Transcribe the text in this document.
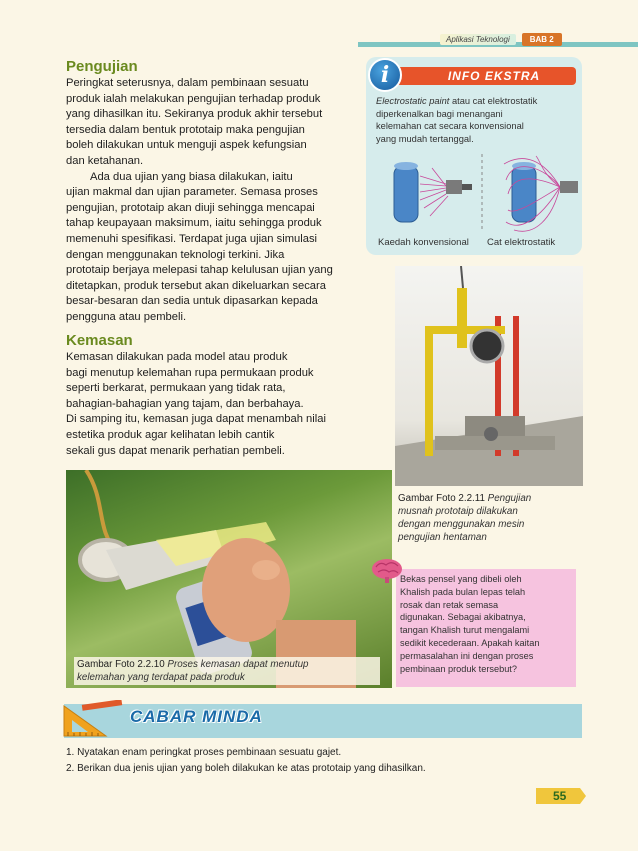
Aplikasi Teknologi	BAB 2
Pengujian

Peringkat seterusnya, dalam pembinaan sesuatu

produk ialah melakukan pengujian terhadap produk

yang dihasilkan itu. Sekiranya produk akhir tersebut

tersedia dalam bentuk prototaip maka pengujian

boleh dilakukan untuk menguji aspek kefungsian

dan ketahanan.

Ada dua ujian yang biasa dilakukan, iaitu

ujian makmal dan ujian parameter. Semasa proses

pengujian, prototaip akan diuji sehingga mencapai

tahap keupayaan maksimum, iaitu sehingga produk

memenuhi spesifikasi. Terdapat juga ujian simulasi

dengan menggunakan teknologi terkini. Jika

prototaip berjaya melepasi tahap kelulusan ujian yang

ditetapkan, produk tersebut akan dikeluarkan secara

besar-besaran dan sedia untuk dipasarkan kepada

pengguna atau pembeli.

Kemasan

Kemasan dilakukan pada model atau produk

bagi menutup kelemahan rupa permukaan produk

seperti berkarat, permukaan yang tidak rata,

bahagian-bahagian yang tajam, dan berbahaya.

Di samping itu, kemasan juga dapat menambah nilai

estetika produk agar kelihatan lebih cantik

sekali gus dapat menarik perhatian pembeli.

INFO EKSTRA
i
Electrostatic paint atau cat elektrostatik
diperkenalkan bagi menangani
kelemahan cat secara konvensional
yang mudah tertanggal.
Kaedah konvensional Cat elektrostatik
Gambar Foto 2.2.11 Pengujian
musnah prototaip dilakukan
dengan menggunakan mesin
pengujian hentaman
Gambar Foto 2.2.10 Proses kemasan dapat menutup
kelemahan yang terdapat pada produk
Bekas pensel yang dibeli oleh
Khalish pada bulan lepas telah
rosak dan retak semasa
digunakan. Sebagai akibatnya,
tangan Khalish turut mengalami
sedikit kecederaan. Apakah kaitan
permasalahan ini dengan proses
pembinaan produk tersebut?
CABAR MINDA
1. Nyatakan enam peringkat proses pembinaan sesuatu gajet.
2. Berikan dua jenis ujian yang boleh dilakukan ke atas prototaip yang dihasilkan.
55
